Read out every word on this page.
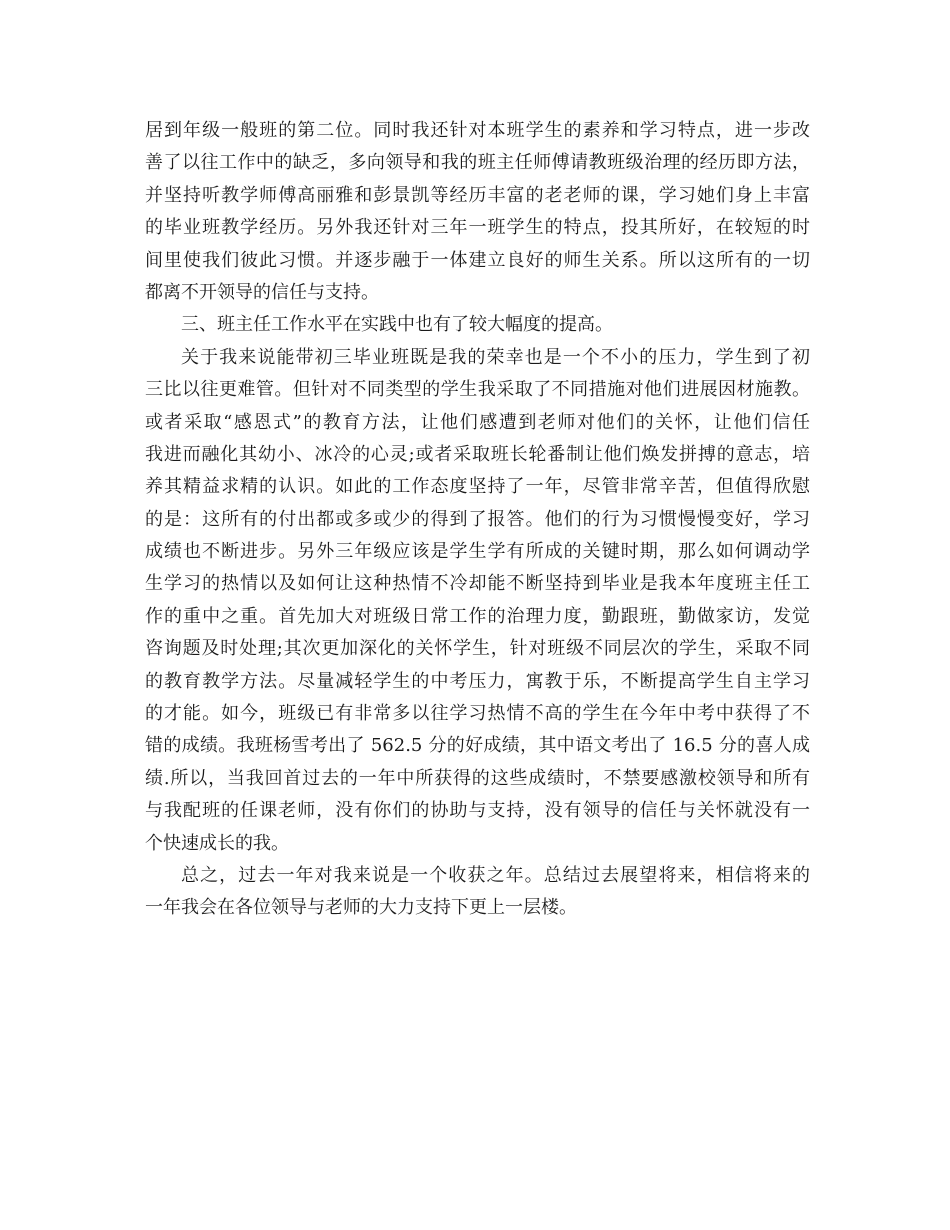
居到年级一般班的第二位。同时我还针对本班学生的素养和学习特点，进一步改
善了以往工作中的缺乏，多向领导和我的班主任师傅请教班级治理的经历即方法，
并坚持听教学师傅高丽雅和彭景凯等经历丰富的老老师的课，学习她们身上丰富
的毕业班教学经历。另外我还针对三年一班学生的特点，投其所好，在较短的时
间里使我们彼此习惯。并逐步融于一体建立良好的师生关系。所以这所有的一切
都离不开领导的信任与支持。
三、班主任工作水平在实践中也有了较大幅度的提高。
关于我来说能带初三毕业班既是我的荣幸也是一个不小的压力，学生到了初
三比以往更难管。但针对不同类型的学生我采取了不同措施对他们进展因材施教。
或者采取“感恩式”的教育方法，让他们感遭到老师对他们的关怀，让他们信任
我进而融化其幼小、冰冷的心灵;或者采取班长轮番制让他们焕发拼搏的意志，培
养其精益求精的认识。如此的工作态度坚持了一年，尽管非常辛苦，但值得欣慰
的是：这所有的付出都或多或少的得到了报答。他们的行为习惯慢慢变好，学习
成绩也不断进步。另外三年级应该是学生学有所成的关键时期，那么如何调动学
生学习的热情以及如何让这种热情不冷却能不断坚持到毕业是我本年度班主任工
作的重中之重。首先加大对班级日常工作的治理力度，勤跟班，勤做家访，发觉
咨询题及时处理;其次更加深化的关怀学生，针对班级不同层次的学生，采取不同
的教育教学方法。尽量减轻学生的中考压力，寓教于乐，不断提高学生自主学习
的才能。如今，班级已有非常多以往学习热情不高的学生在今年中考中获得了不
错的成绩。我班杨雪考出了 562.5 分的好成绩，其中语文考出了 16.5 分的喜人成
绩.所以，当我回首过去的一年中所获得的这些成绩时，不禁要感激校领导和所有
与我配班的任课老师，没有你们的协助与支持，没有领导的信任与关怀就没有一
个快速成长的我。
总之，过去一年对我来说是一个收获之年。总结过去展望将来，相信将来的
一年我会在各位领导与老师的大力支持下更上一层楼。
